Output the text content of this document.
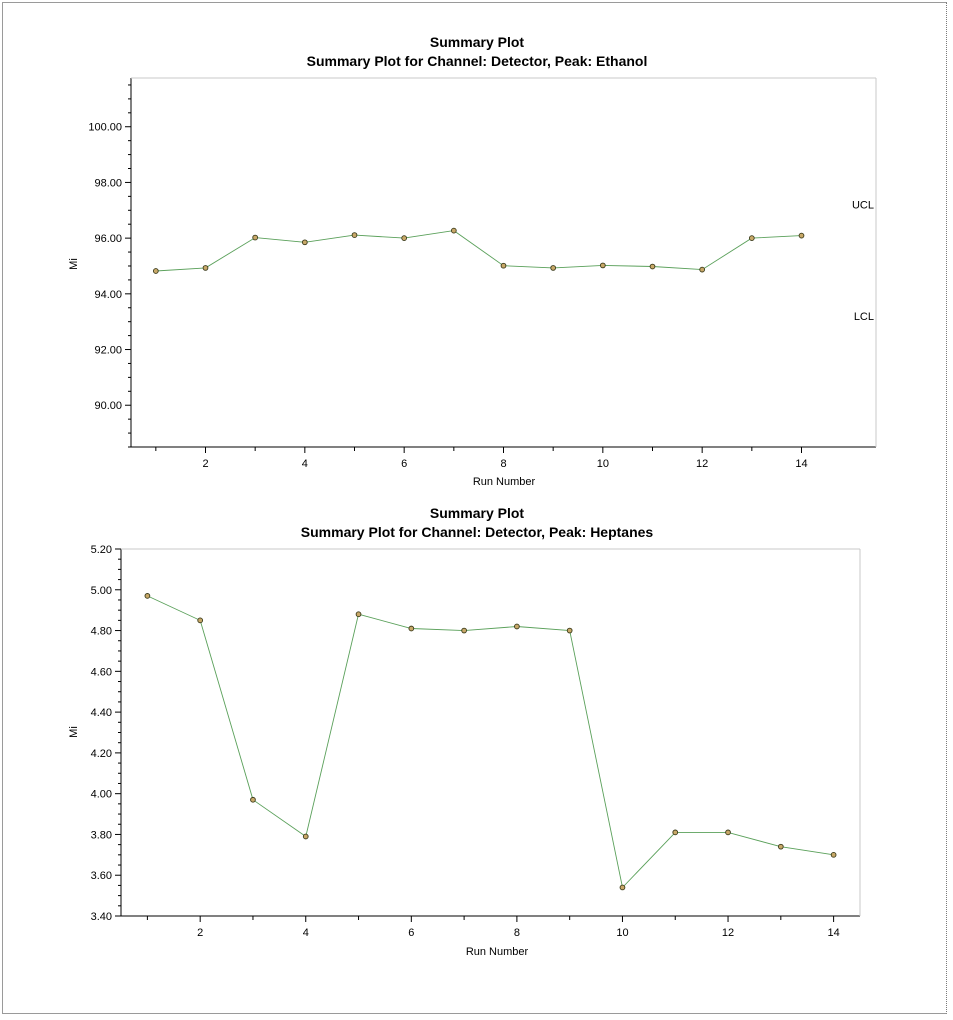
Summary Plot
Summary Plot for Channel: Detector, Peak: Ethanol
Run Number
Mi
90.00
92.00
94.00
96.00
98.00
100.00
2	4	6	8	10	12	14
UCL
LCL
Summary Plot
Summary Plot for Channel: Detector, Peak: Heptanes
Run Number
Mi
3.40
3.60
3.80
4.00
4.20
4.40
4.60
4.80
5.00
5.20
2	4	6	8	10	12	14
